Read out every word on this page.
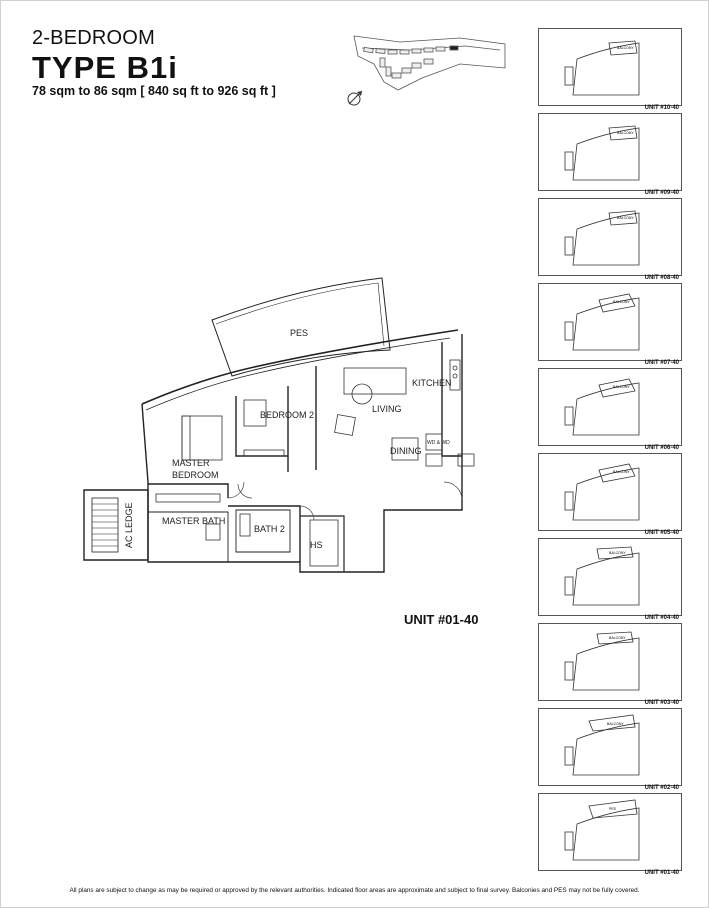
2-BEDROOM
TYPE B1i
78 sqm to 86 sqm [ 840 sq ft to 926 sq ft ]
PES
BEDROOM 2
KITCHEN
LIVING
DINING
MASTER
BEDROOM
MASTER BATH
BATH 2
HS
AC LEDGE
WD & WD
UNIT #01-40
BALCONY
UNIT #10-40
BALCONY
UNIT #09-40
BALCONY
UNIT #08-40
BALCONY
UNIT #07-40
BALCONY
UNIT #06-40
BALCONY
UNIT #05-40
BALCONY
UNIT #04-40
BALCONY
UNIT #03-40
BALCONY
UNIT #02-40
PES
UNIT #01-40
All plans are subject to change as may be required or approved by the relevant authorities. Indicated floor areas are approximate and subject to final survey. Balconies and PES may not be fully covered.
